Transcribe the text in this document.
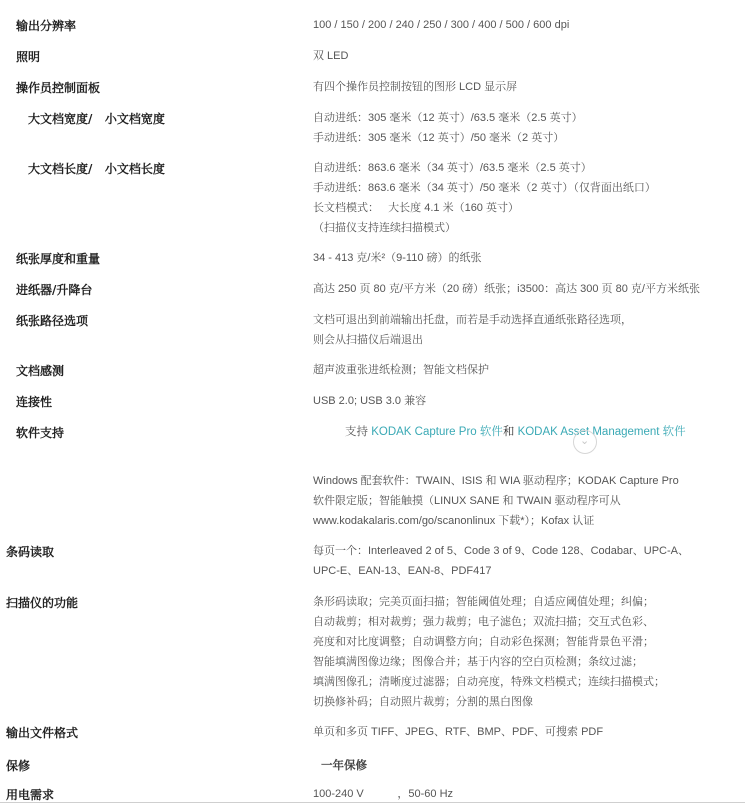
输出分辨率	100 / 150 / 200 / 240 / 250 / 300 / 400 / 500 / 600 dpi
照明	双 LED
操作员控制面板	有四个操作员控制按钮的图形 LCD 显示屏
大文档宽度/   小文档宽度	自动进纸：305 毫米（12 英寸）/63.5 毫米（2.5 英寸）
手动进纸：305 毫米（12 英寸）/50 毫米（2 英寸）
大文档长度/   小文档长度	自动进纸：863.6 毫米（34 英寸）/63.5 毫米（2.5 英寸）
手动进纸：863.6 毫米（34 英寸）/50 毫米（2 英寸）（仅背面出纸口）
长文档模式：   大长度 4.1 米（160 英寸）
（扫描仪支持连续扫描模式）
纸张厚度和重量	34 - 413 克/米²（9-110 磅）的纸张
进纸器/升降台	高达 250 页 80 克/平方米（20 磅）纸张；i3500：高达 300 页 80 克/平方米纸张
纸张路径选项	文档可退出到前端输出托盘，而若是手动选择直通纸张路径选项，
则会从扫描仪后端退出
文档感测	超声波重张进纸检测；智能文档保护
连接性	USB 2.0; USB 3.0 兼容
软件支持	支持 KODAK Capture Pro 软件和 KODAK Asset Management 软件
⌄
Windows 配套软件：TWAIN、ISIS 和 WIA 驱动程序；KODAK Capture Pro
软件限定版；智能触摸（LINUX SANE 和 TWAIN 驱动程序可从
www.kodakalaris.com/go/scanonlinux 下载*）；Kofax 认证
条码读取	每页一个：Interleaved 2 of 5、Code 3 of 9、Code 128、Codabar、UPC-A、
UPC-E、EAN-13、EAN-8、PDF417
扫描仪的功能	条形码读取；完美页面扫描；智能阈值处理；自适应阈值处理；纠偏；
自动裁剪；相对裁剪；强力裁剪；电子滤色；双流扫描；交互式色彩、
亮度和对比度调整；自动调整方向；自动彩色探测；智能背景色平滑；
智能填满图像边缘；图像合并；基于内容的空白页检测；条纹过滤；
填满图像孔；清晰度过滤器；自动亮度，特殊文档模式；连续扫描模式；
切换修补码；自动照片裁剪；分割的黑白图像
输出文件格式	单页和多页 TIFF、JPEG、RTF、BMP、PDF、可搜索 PDF
保修	一年保修
用电需求	100-240 V           ，50-60 Hz
